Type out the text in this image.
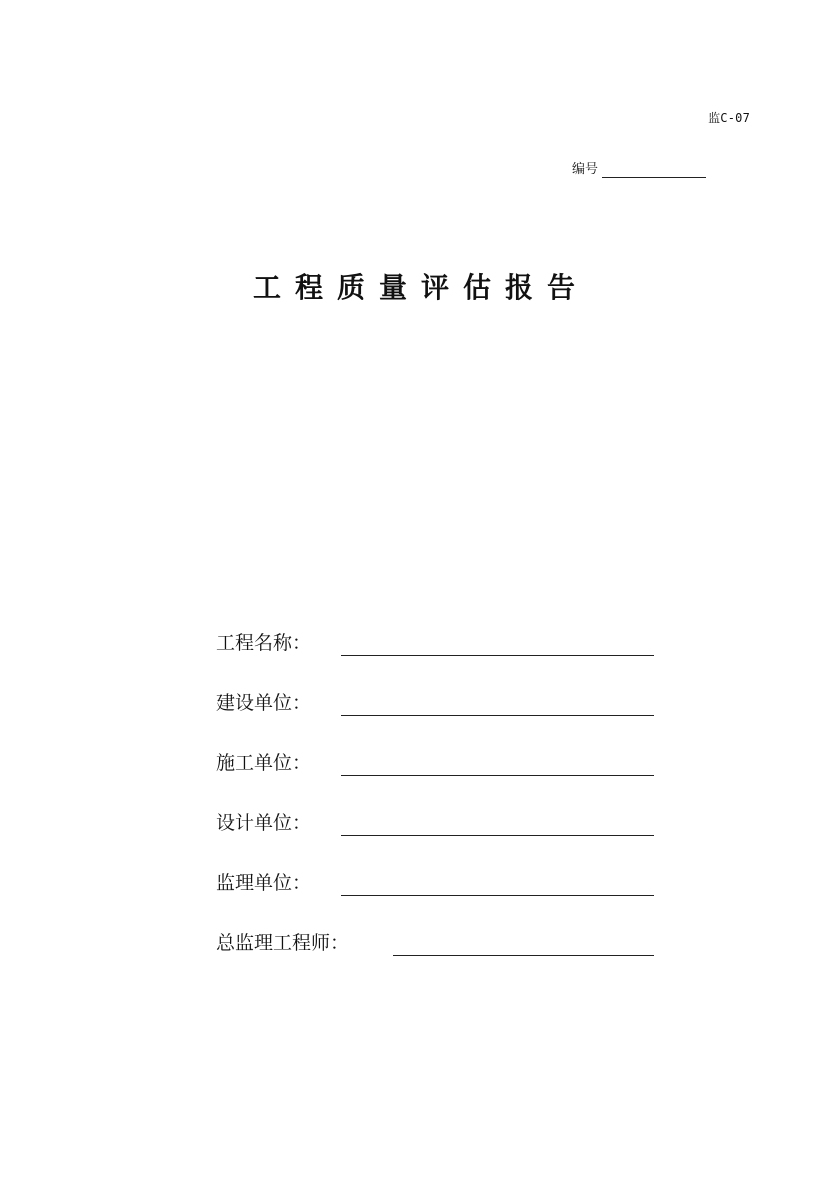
监C-07
编号
工程质量评估报告
工程名称：
建设单位：
施工单位：
设计单位：
监理单位：
总监理工程师：
